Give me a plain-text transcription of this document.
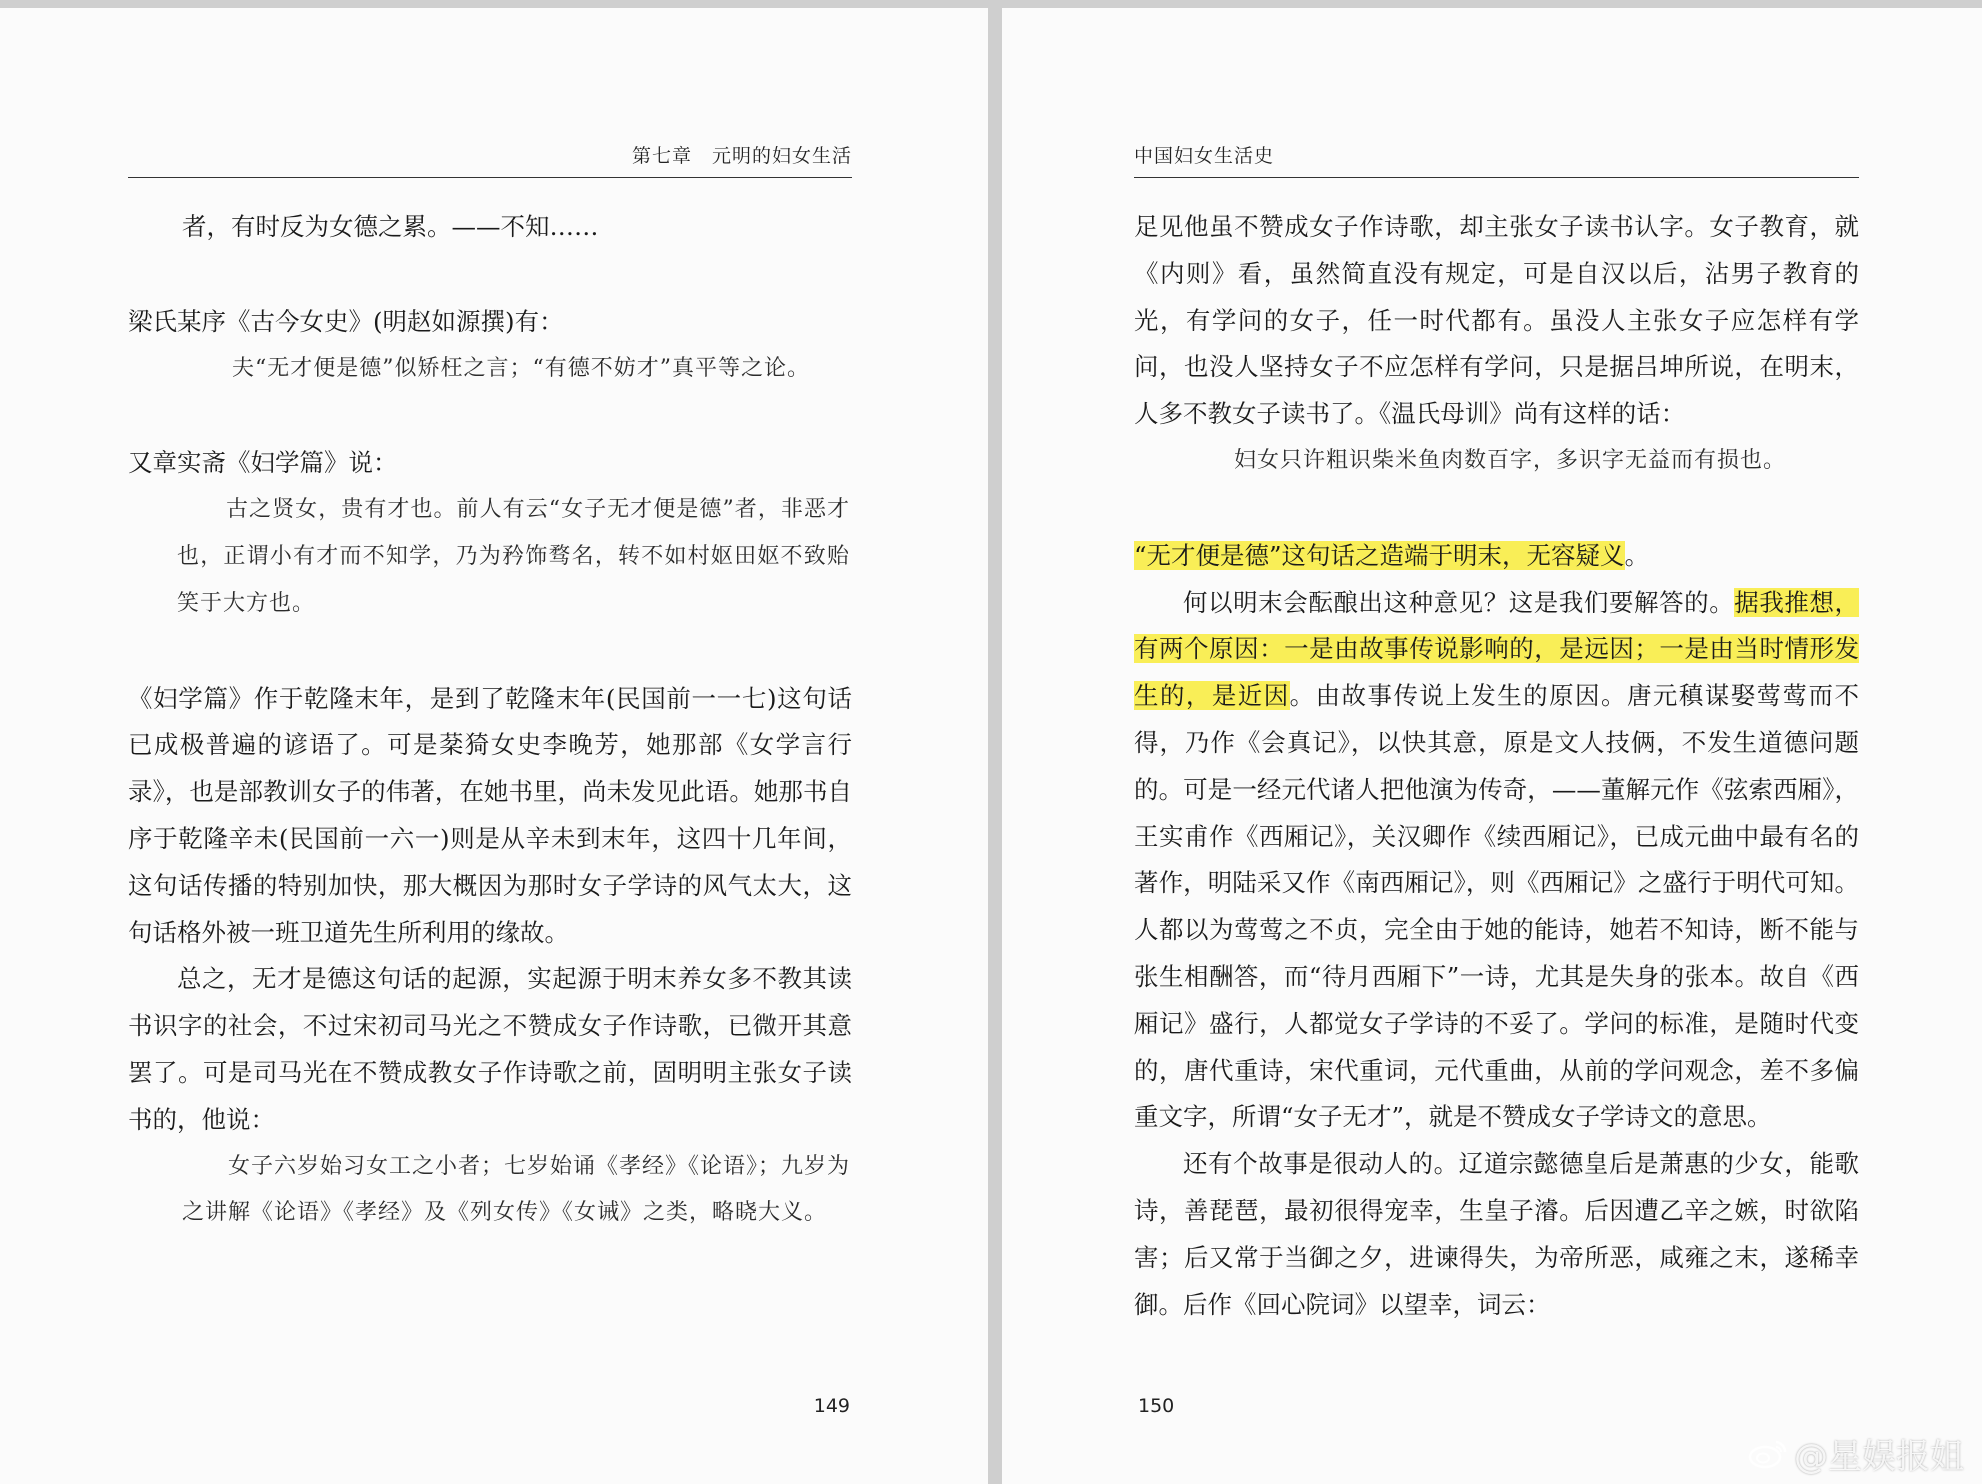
第七章　元明的妇女生活

者，有时反为女德之累。——不知……

梁氏某序《古今女史》(明赵如源撰)有：

夫“无才便是德”似矫枉之言；“有德不妨才”真平等之论。

又章实斋《妇学篇》说：

古之贤女，贵有才也。前人有云“女子无才便是德”者，非恶才也，正谓小有才而不知学，乃为矜饰骛名，转不如村妪田妪不致贻笑于大方也。

《妇学篇》作于乾隆末年，是到了乾隆末年(民国前一一七)这句话已成极普遍的谚语了。可是棻猗女史李晚芳，她那部《女学言行录》，也是部教训女子的伟著，在她书里，尚未发见此语。她那书自序于乾隆辛未(民国前一六一)则是从辛未到末年，这四十几年间，这句话传播的特别加快，那大概因为那时女子学诗的风气太大，这句话格外被一班卫道先生所利用的缘故。

总之，无才是德这句话的起源，实起源于明末养女多不教其读书识字的社会，不过宋初司马光之不赞成女子作诗歌，已微开其意罢了。可是司马光在不赞成教女子作诗歌之前，固明明主张女子读书的，他说：

女子六岁始习女工之小者；七岁始诵《孝经》《论语》；九岁为之讲解《论语》《孝经》及《列女传》《女诫》之类，略晓大义。

149
中国妇女生活史

足见他虽不赞成女子作诗歌，却主张女子读书认字。女子教育，就《内则》看，虽然简直没有规定，可是自汉以后，沾男子教育的光，有学问的女子，任一时代都有。虽没人主张女子应怎样有学问，也没人坚持女子不应怎样有学问，只是据吕坤所说，在明末，人多不教女子读书了。《温氏母训》尚有这样的话：

妇女只许粗识柴米鱼肉数百字，多识字无益而有损也。

“无才便是德”这句话之造端于明末，无容疑义。

何以明末会酝酿出这种意见？这是我们要解答的。据我推想，有两个原因：一是由故事传说影响的，是远因；一是由当时情形发生的，是近因。由故事传说上发生的原因。唐元稹谋娶莺莺而不得，乃作《会真记》，以快其意，原是文人技俩，不发生道德问题的。可是一经元代诸人把他演为传奇，——董解元作《弦索西厢》，王实甫作《西厢记》，关汉卿作《续西厢记》，已成元曲中最有名的著作，明陆采又作《南西厢记》，则《西厢记》之盛行于明代可知。人都以为莺莺之不贞，完全由于她的能诗，她若不知诗，断不能与张生相酬答，而“待月西厢下”一诗，尤其是失身的张本。故自《西厢记》盛行，人都觉女子学诗的不妥了。学问的标准，是随时代变的，唐代重诗，宋代重词，元代重曲，从前的学问观念，差不多偏重文字，所谓“女子无才”，就是不赞成女子学诗文的意思。

还有个故事是很动人的。辽道宗懿德皇后是萧惠的少女，能歌诗，善琵琶，最初很得宠幸，生皇子濬。后因遭乙辛之嫉，时欲陷害；后又常于当御之夕，进谏得失，为帝所恶，咸雍之末，遂稀幸御。后作《回心院词》以望幸，词云：

150
@星娱报姐
